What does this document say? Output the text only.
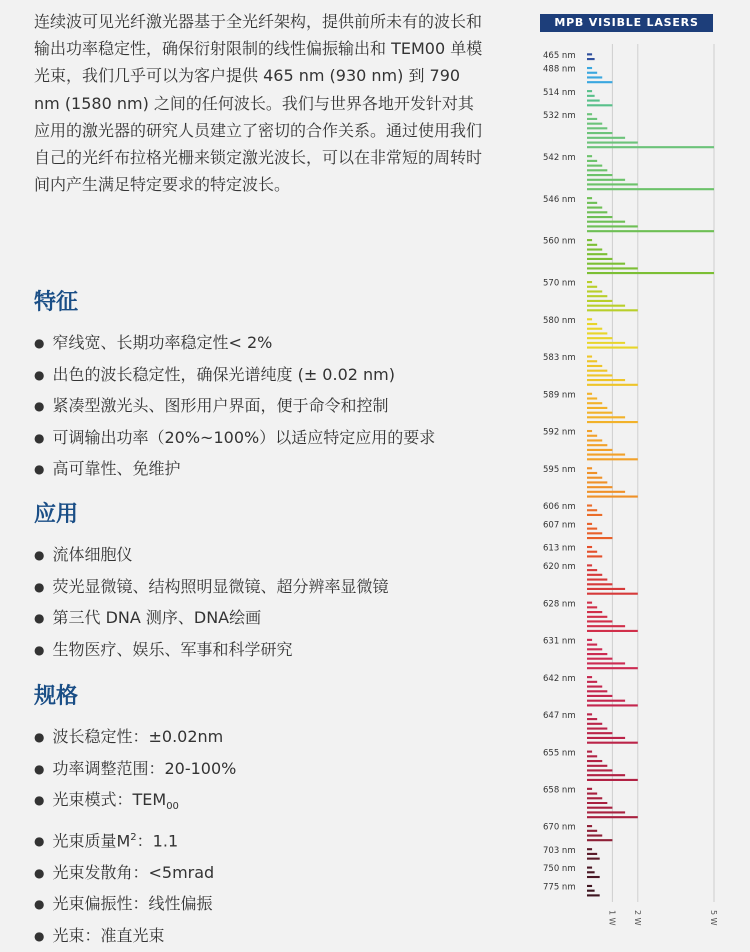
连续波可见光纤激光器基于全光纤架构，提供前所未有的波长和输出功率稳定性，确保衍射限制的线性偏振输出和 TEM00 单模光束，我们几乎可以为客户提供 465 nm (930 nm) 到 790 nm (1580 nm) 之间的任何波长。我们与世界各地开发针对其应用的激光器的研究人员建立了密切的合作关系。通过使用我们自己的光纤布拉格光栅来锁定激光波长，可以在非常短的周转时间内产生满足特定要求的特定波长。

特征
● 窄线宽、长期功率稳定性< 2%
● 出色的波长稳定性，确保光谱纯度 (± 0.02 nm)
● 紧凑型激光头、图形用户界面，便于命令和控制
● 可调输出功率（20%~100%）以适应特定应用的要求
● 高可靠性、免维护
应用
● 流体细胞仪
● 荧光显微镜、结构照明显微镜、超分辨率显微镜
● 第三代 DNA 测序、DNA绘画
● 生物医疗、娱乐、军事和科学研究
规格
● 波长稳定性：±0.02nm
● 功率调整范围：20-100%
● 光束模式：$TEM_{00}$
● 光束质量$M^2$：1.1
● 光束发散角：<5mrad
● 光束偏振性：线性偏振
● 光束：准直光束
MPB VISIBLE LASERS
1 W 2 W	5 W
465 nm
488 nm
514 nm
532 nm
542 nm
546 nm
560 nm
570 nm
580 nm
583 nm
589 nm
592 nm
595 nm
606 nm
607 nm
613 nm
620 nm
628 nm
631 nm
642 nm
647 nm
655 nm
658 nm
670 nm
703 nm
750 nm
775 nm
